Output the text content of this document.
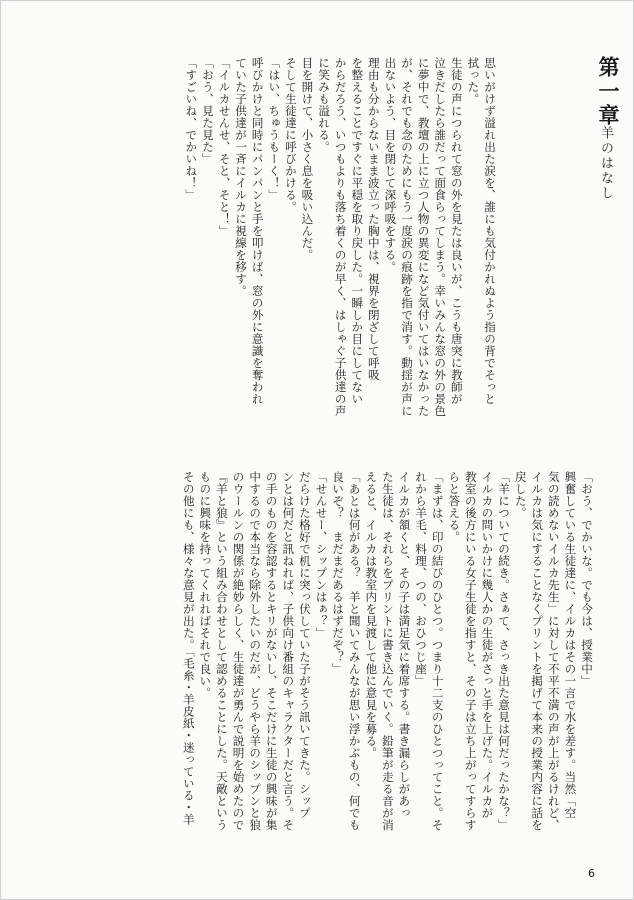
第一章
羊のはなし
思いがけず溢れ出た涙を、誰にも気付かれぬよう指の背でそっと
拭った。
生徒の声につられて窓の外を見たは良いが、こうも唐突に教師が
泣きだしたら誰だって面食らってしまう。幸いみんな窓の外の景色
に夢中で、教壇の上に立つ人物の異変になど気付いてはいなかった
が、それでも念のためにもう一度涙の痕跡を指で消す。動揺が声に
出ないよう、目を閉じて深呼吸をする。
理由も分からないまま波立った胸中は、視界を閉ざして呼吸
を整えることですぐに平穏を取り戻した。一瞬しか目にしてない
からだろう、いつもよりも落ち着くのが早く、はしゃぐ子供達の声
に笑みも溢れる。
目を開けて、小さく息を吸い込んだ。
そして生徒達に呼びかける。
「はい、ちゅうもーく！」
呼びかけと同時にパンパンと手を叩けば、窓の外に意識を奪われ
ていた子供達が一斉にイルカに視線を移す。
「イルカせんせ、そと、そと！」
「おう、見た見た」
「すごいね、でかいね！」
「おう、でかいな。でも今は、授業中」
興奮している生徒達に、イルカはその一言で水を差す。当然「空
気の読めないイルカ先生」に対して不平不満の声が上がるけれど、
イルカは気にすることなくプリントを掲げて本来の授業内容に話を
戻した。
「羊についての続き。さぁて、さっき出た意見は何だったかな？」
イルカの問いかけに幾人かの生徒がさっと手を上げた。イルカが
教室の後方にいる女子生徒を指すと、その子は立ち上がってすらす
らと答える。
「まずは、印の結びのひとつ。つまり十二支のひとつってこと。そ
れから羊毛、料理、つの、おひつじ座」
イルカが頷くと、その子は満足気に着席する。書き漏らしがあっ
た生徒は、それらをプリントに書き込んでいく。鉛筆が走る音が消
えると、イルカは教室内を見渡して他に意見を募る。
「あとは何がある？　羊と聞いてみんなが思い浮かぶもの、何でも
良いぞ？　まだまだあるはずだぞ？」
「せんせー、シップンはぁ？」
だらけた格好で机に突っ伏していた子がそう訊いてきた。シップ
ンとは何だと訊ねれば、子供向け番組のキャラクターだと言う。そ
の手のものを容認するとキリがないし、そこだけに生徒の興味が集
中するので本当なら除外したいのだが、どうやら羊のシップンと狼
のウールンの関係が絶妙らしく、生徒達が勇んで説明を始めたので
『羊と狼』という組み合わせとして認めることにした。天敵という
ものに興味を持ってくれればそれで良い。
その他にも、様々な意見が出た。「毛糸・羊皮紙・迷っている・羊
6
